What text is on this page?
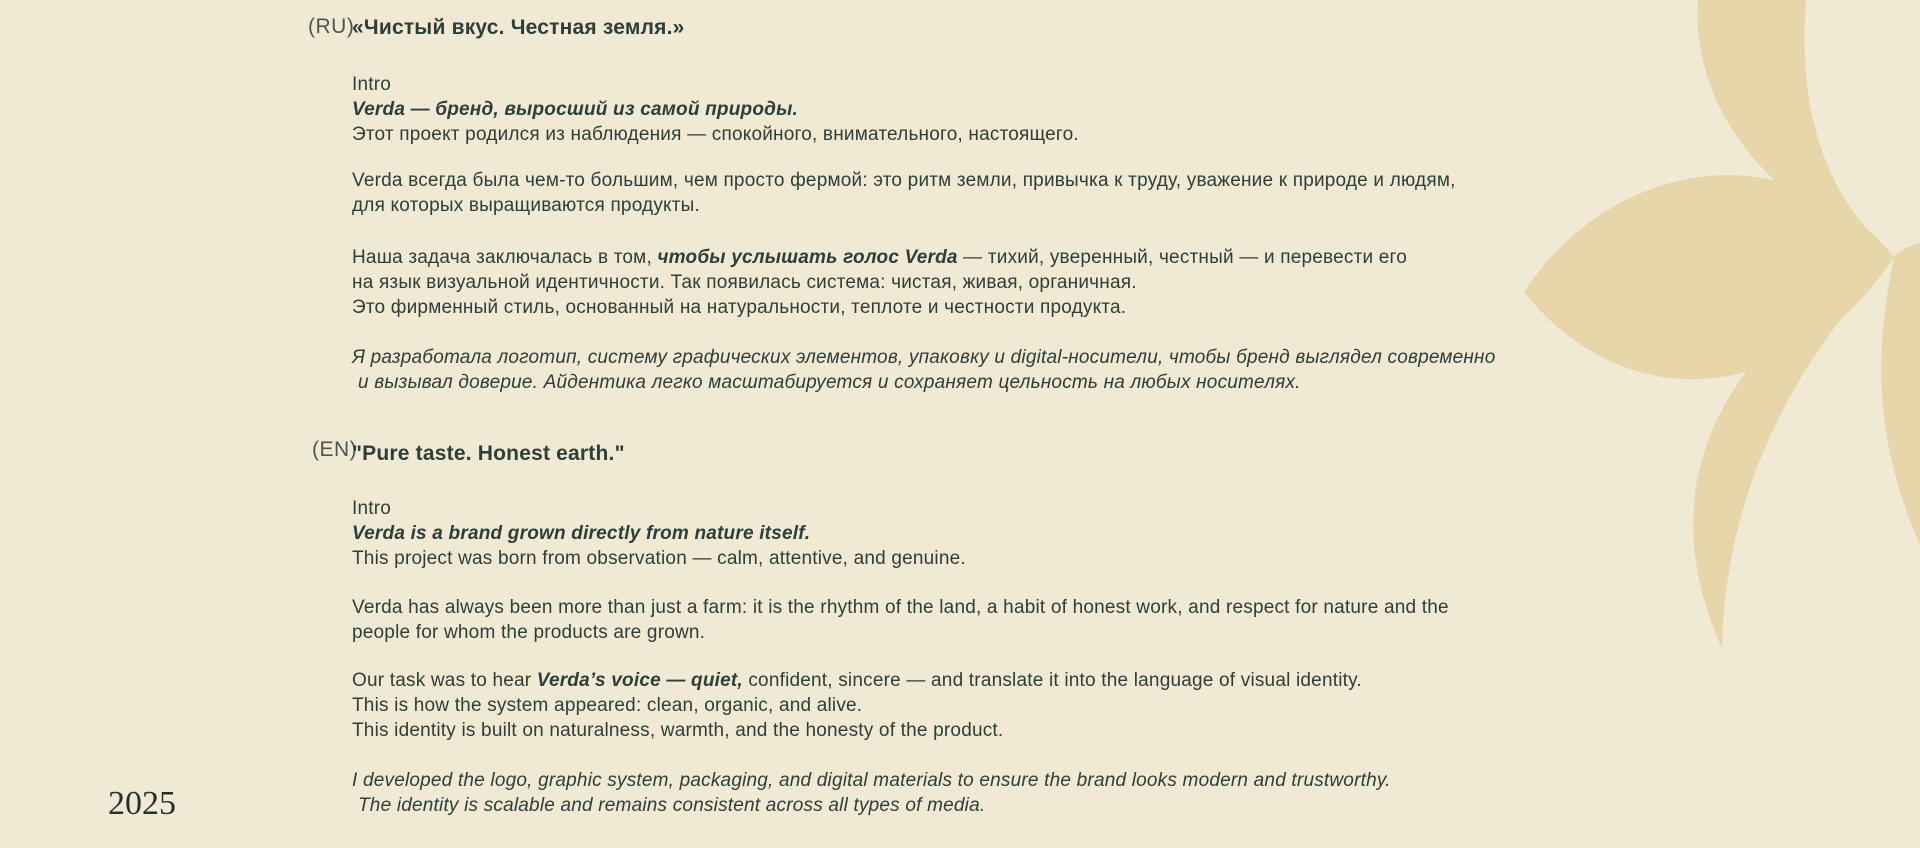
(RU)
«Чистый вкус. Честная земля.»
Intro
Verda — бренд, выросший из самой природы.
Этот проект родился из наблюдения — спокойного, внимательного, настоящего.
Verda всегда была чем-то большим, чем просто фермой: это ритм земли, привычка к труду, уважение к природе и людям,
для которых выращиваются продукты.
Наша задача заключалась в том, чтобы услышать голос Verda — тихий, уверенный, честный — и перевести его
на язык визуальной идентичности. Так появилась система: чистая, живая, органичная.
Это фирменный стиль, основанный на натуральности, теплоте и честности продукта.
Я разработала логотип, систему графических элементов, упаковку и digital-носители, чтобы бренд выглядел современно
и вызывал доверие. Айдентика легко масштабируется и сохраняет цельность на любых носителях.
(EN)
"Pure taste. Honest earth."
Intro
Verda is a brand grown directly from nature itself.
This project was born from observation — calm, attentive, and genuine.
Verda has always been more than just a farm: it is the rhythm of the land, a habit of honest work, and respect for nature and the
people for whom the products are grown.
Our task was to hear Verda’s voice — quiet, confident, sincere — and translate it into the language of visual identity.
This is how the system appeared: clean, organic, and alive.
This identity is built on naturalness, warmth, and the honesty of the product.
I developed the logo, graphic system, packaging, and digital materials to ensure the brand looks modern and trustworthy.
The identity is scalable and remains consistent across all types of media.
2025
